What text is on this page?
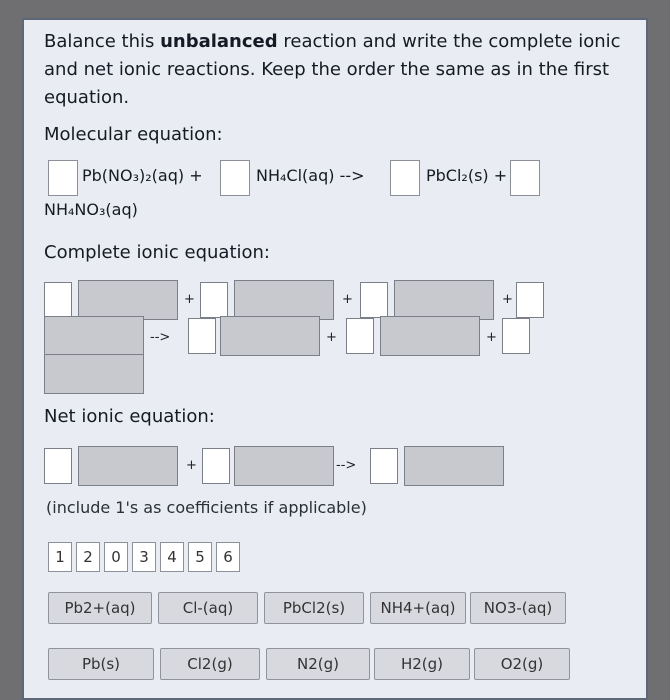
Balance this unbalanced reaction and write the complete ionic and net ionic reactions. Keep the order the same as in the first equation.
Molecular equation:
Pb(NO₃)₂(aq) +	NH₄Cl(aq) -->	PbCl₂(s) +
NH₄NO₃(aq)
Complete ionic equation:
+	+	+
-->	+	+
Net ionic equation:
+	-->
(include 1's as coefficients if applicable)
1	2	0	3	4	5	6
Pb2+(aq)	Cl-(aq)	PbCl2(s)	NH4+(aq)	NO3-(aq)
Pb(s)	Cl2(g)	N2(g)	H2(g)	O2(g)
